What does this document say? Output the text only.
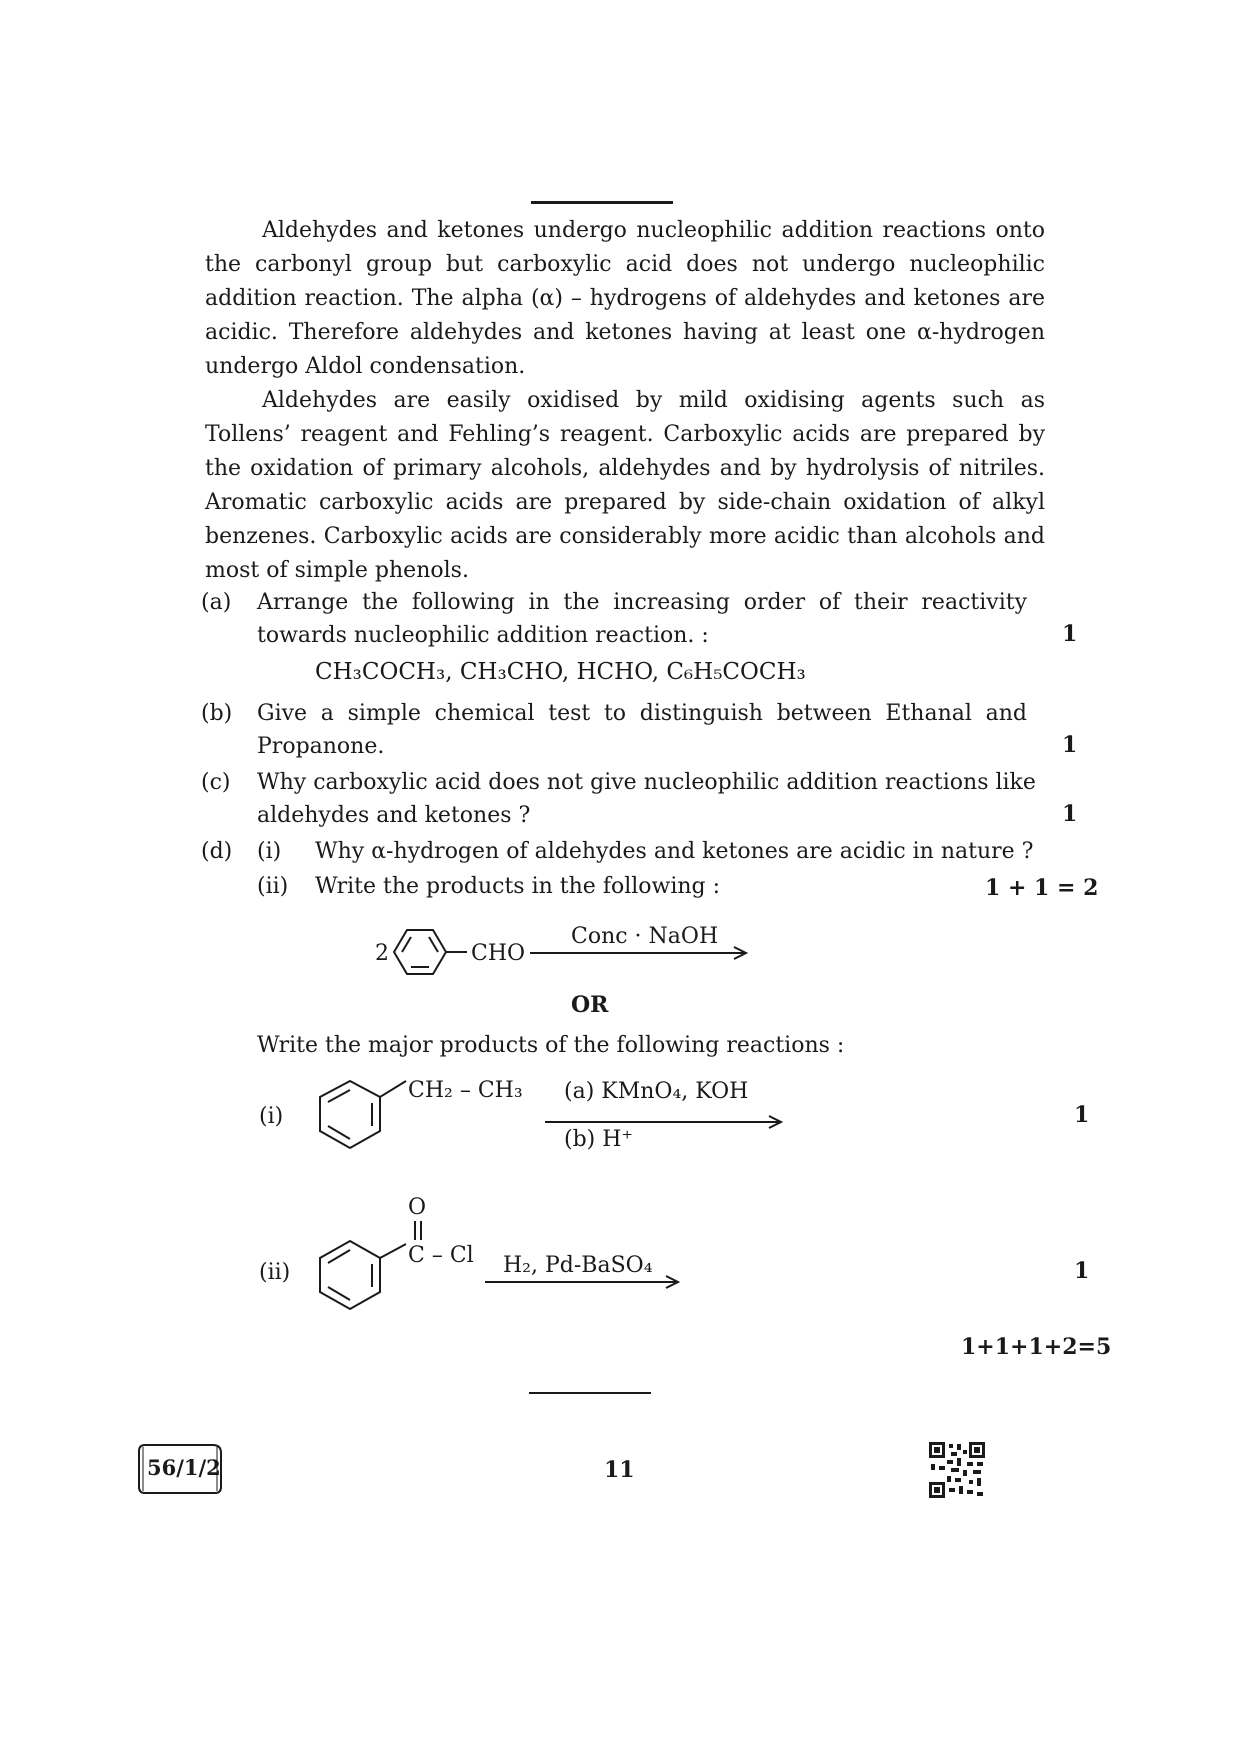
Aldehydes and ketones undergo nucleophilic addition reactions onto the carbonyl group but carboxylic acid does not undergo nucleophilic addition reaction. The alpha (α) – hydrogens of aldehydes and ketones are acidic. Therefore aldehydes and ketones having at least one α-hydrogen undergo Aldol condensation.
Aldehydes are easily oxidised by mild oxidising agents such as Tollens’ reagent and Fehling’s reagent. Carboxylic acids are prepared by the oxidation of primary alcohols, aldehydes and by hydrolysis of nitriles. Aromatic carboxylic acids are prepared by side-chain oxidation of alkyl benzenes. Carboxylic acids are considerably more acidic than alcohols and most of simple phenols.
(a) Arrange the following in the increasing order of their reactivity
towards nucleophilic addition reaction. :	1
CH₃COCH₃, CH₃CHO, HCHO, C₆H₅COCH₃
(b) Give a simple chemical test to distinguish between Ethanal and
Propanone.	1
(c) Why carboxylic acid does not give nucleophilic addition reactions like
aldehydes and ketones ?	1
(d) (i) Why α-hydrogen of aldehydes and ketones are acidic in nature ?
(ii) Write the products in the following :	1 + 1 = 2
2	CHO
Conc · NaOH
CH₂ – CH₃ (a) KMnO₄, KOH
(b) H⁺
O
C – Cl H₂, Pd-BaSO₄
OR
Write the major products of the following reactions :
(i)	1
(ii)	1
1+1+1+2=5
56/1/2	11
